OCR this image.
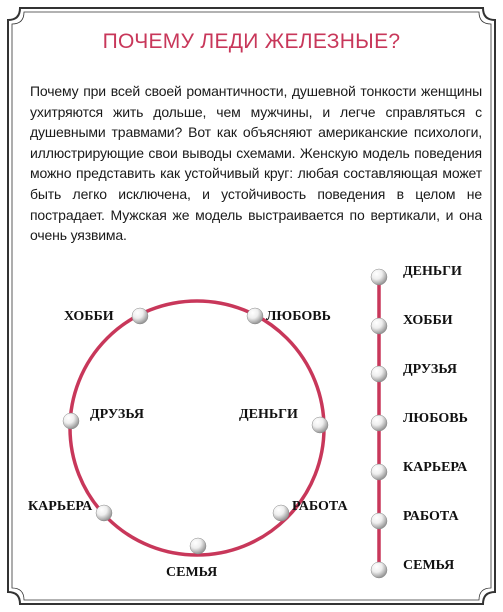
ПОЧЕМУ ЛЕДИ ЖЕЛЕЗНЫЕ?
Почему при всей своей романтичности, душевной тонкости женщины ухитряются жить дольше, чем мужчины, и легче справляться с душевными травмами? Вот как объясняют американские психологи, иллюстрирующие свои выводы схемами. Женскую модель поведения можно представить как устойчивый круг: любая составляющая может быть легко исключена, и устойчивость поведения в целом не пострадает. Мужская же модель выстраивается по вертикали, и она очень уязвима.
ХОББИ	ЛЮБОВЬ
ДРУЗЬЯ	ДЕНЬГИ
КАРЬЕРА	РАБОТА
СЕМЬЯ
ДЕНЬГИ
ХОББИ
ДРУЗЬЯ
ЛЮБОВЬ
КАРЬЕРА
РАБОТА
СЕМЬЯ
